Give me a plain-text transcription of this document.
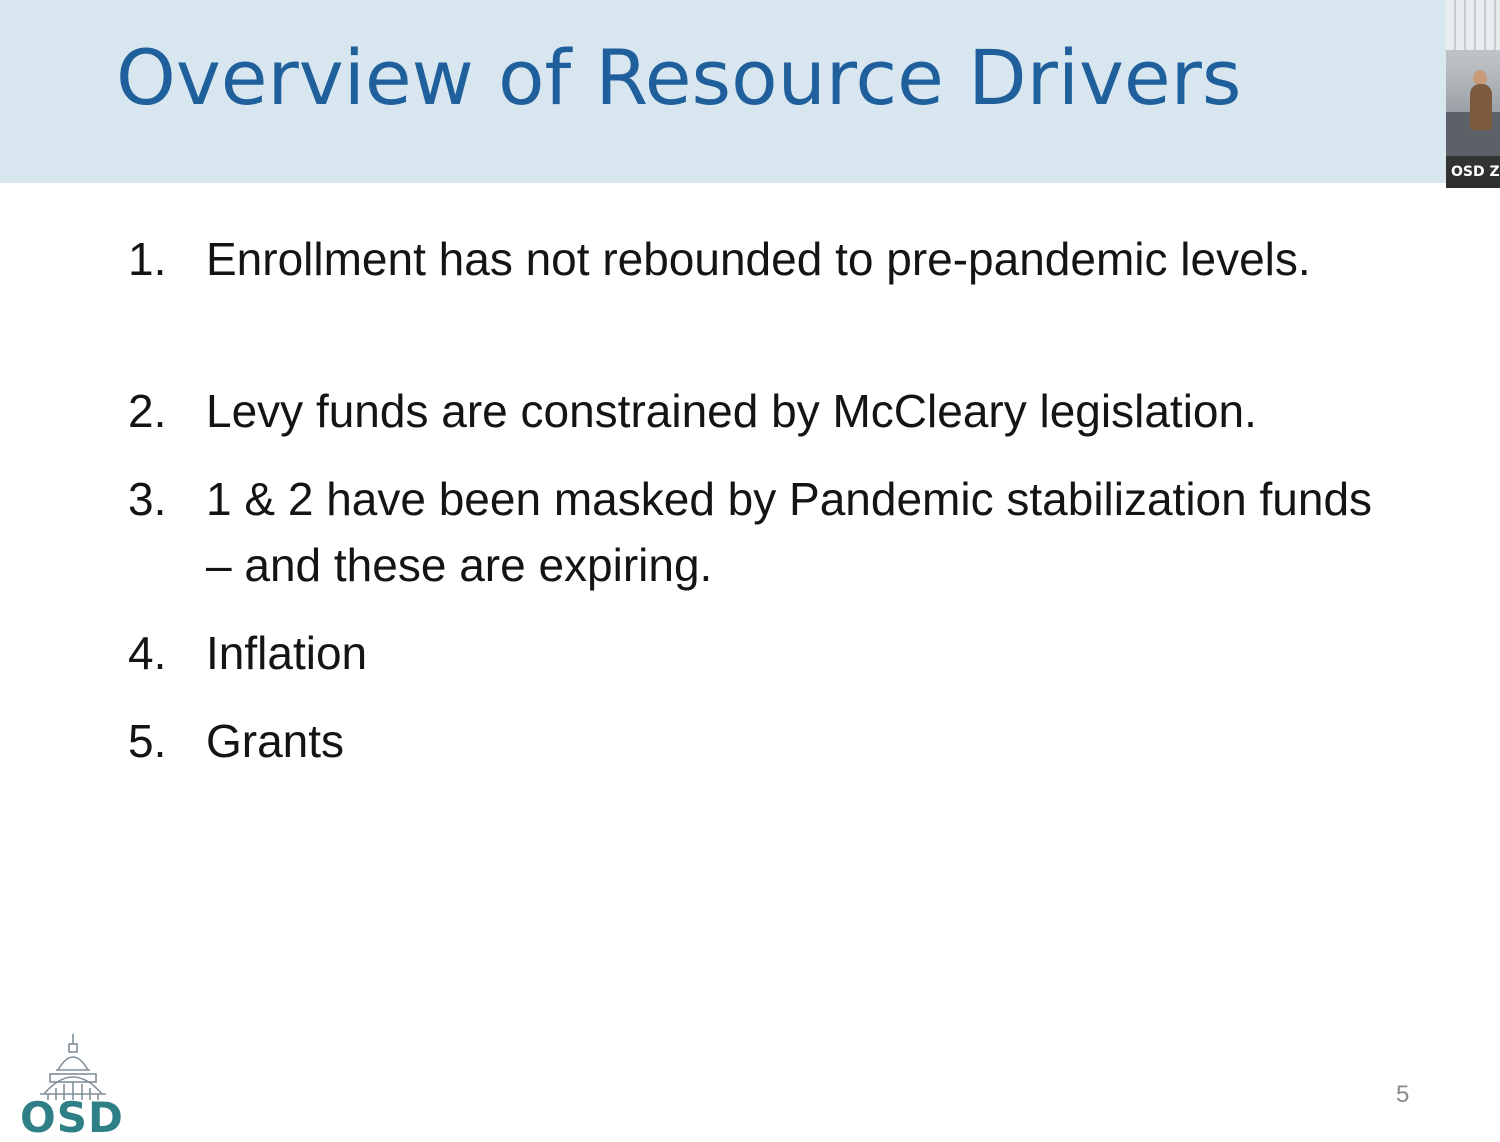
Overview of Resource Drivers
OSD Z
1. Enrollment has not rebounded to pre-pandemic levels.
2. Levy funds are constrained by McCleary legislation.
3. 1 & 2 have been masked by Pandemic stabilization funds – and these are expiring.
4. Inflation
5. Grants
OSD	5
